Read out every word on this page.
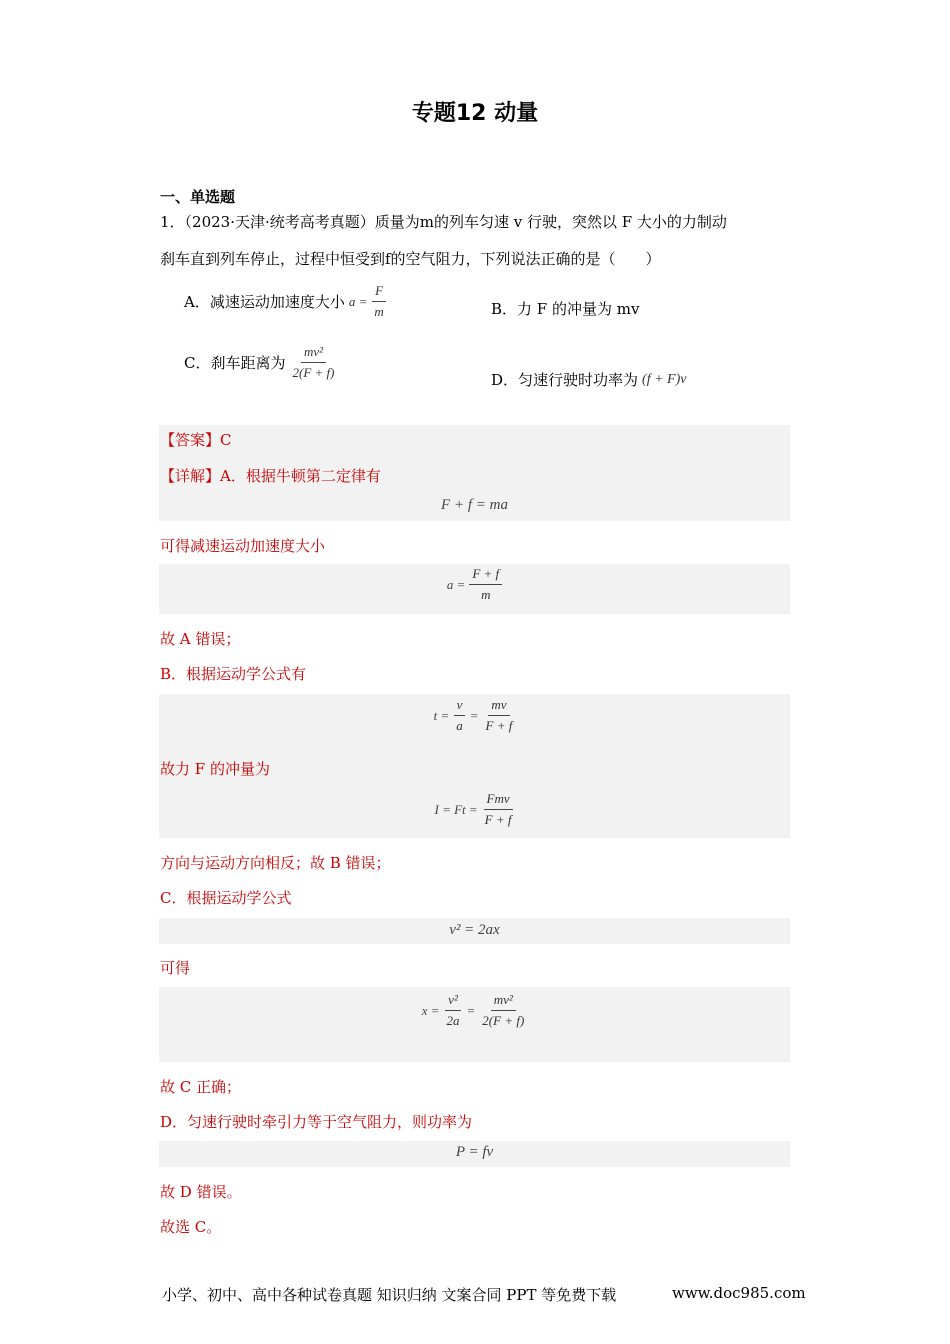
专题12 动量
一、单选题
1．（2023·天津·统考高考真题）质量为m的列车匀速 v 行驶，突然以 F 大小的力制动
刹车直到列车停止，过程中恒受到f的空气阻力，下列说法正确的是（　　）
A．减速运动加速度大小 $a = \frac{F}{m}$	B．力 F 的冲量为 mv
C．刹车距离为 $\frac{\text{mv²}}{2(F + f)}$	D．匀速行驶时功率为 (f + F)v
【答案】C
【详解】A．根据牛顿第二定律有
F + f = ma
可得减速运动加速度大小
$a = \frac{F + f}{m}$
故 A 错误；
B．根据运动学公式有
$t = \frac{v}{a} = \frac{mv}{F + f}$
故力 F 的冲量为
$I = Ft = \frac{\text{Fmv}}{F + f}$
方向与运动方向相反；故 B 错误；
C．根据运动学公式
v² = 2ax
可得
$x = \frac{\text{v²}}{2a} = \frac{\text{mv²}}{2(F + f)}$
故 C 正确；
D．匀速行驶时牵引力等于空气阻力，则功率为
P = fv
故 D 错误。
故选 C。
小学、初中、高中各种试卷真题 知识归纳 文案合同 PPT 等免费下载	www.doc985.com
